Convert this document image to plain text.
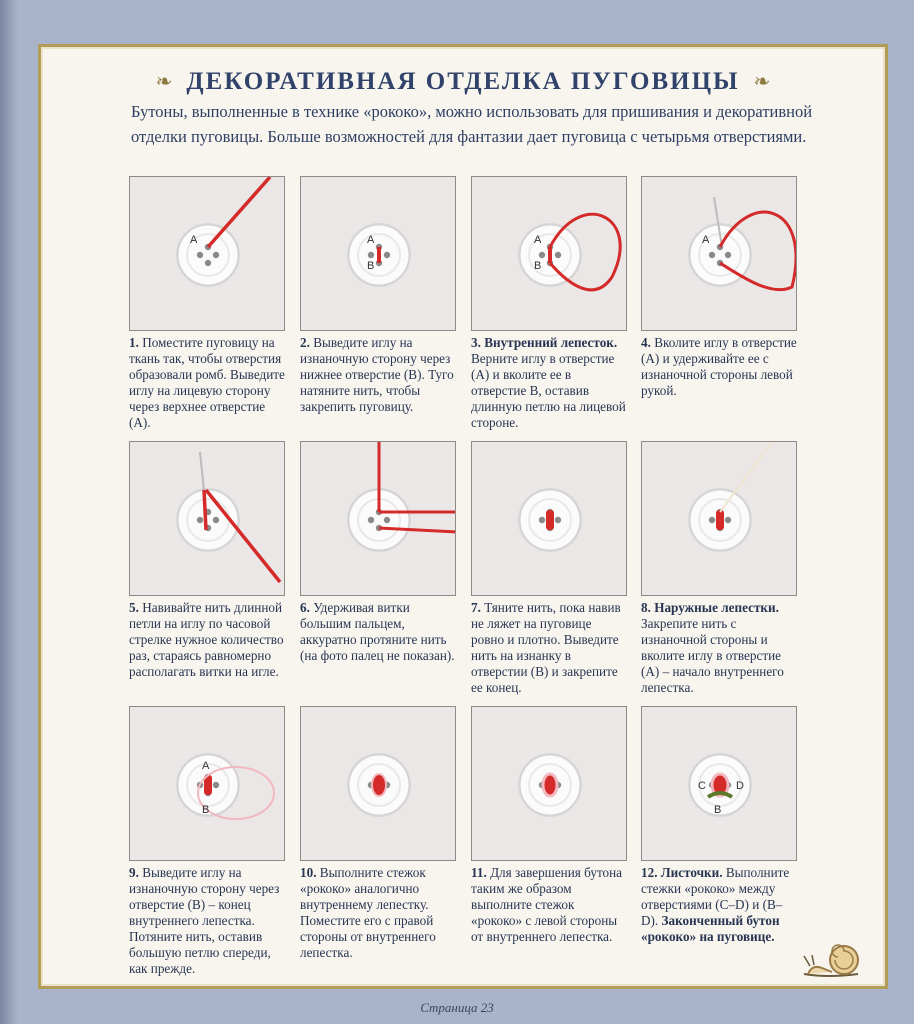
❧ ДЕКОРАТИВНАЯ ОТДЕЛКА ПУГОВИЦЫ ❧
Бутоны, выполненные в технике «рококо», можно использовать для пришивания и декоративной отделки пуговицы. Больше возможностей для фантазии дает пуговица с четырьмя отверстиями.
A
1. Поместите пуговицу на ткань так, чтобы отверстия образовали ромб. Выведите иглу на лицевую сторону через верхнее отверстие (А).
A
B
2. Выведите иглу на изнаночную сторону через нижнее отверстие (В). Туго натяните нить, чтобы закрепить пуговицу.
A
B
3. Внутренний лепесток. Верните иглу в отверстие (А) и вколите ее в отверстие В, оставив длинную петлю на лицевой стороне.
A
4. Вколите иглу в отверстие (А) и удерживайте ее с изнаночной стороны левой рукой.
5. Навивайте нить длинной петли на иглу по часовой стрелке нужное количество раз, стараясь равномерно располагать витки на игле.
6. Удерживая витки большим пальцем, аккуратно протяните нить (на фото палец не показан).
7. Тяните нить, пока навив не ляжет на пуговице ровно и плотно. Выведите нить на изнанку в отверстии (В) и закрепите ее конец.
8. Наружные лепестки. Закрепите нить с изнаночной стороны и вколите иглу в отверстие (А) – начало внутреннего лепестка.
A
B
9. Выведите иглу на изнаночную сторону через отверстие (В) – конец внутреннего лепестка. Потяните нить, оставив большую петлю спереди, как прежде.
10. Выполните стежок «рококо» аналогично внутреннему лепестку. Поместите его с правой стороны от внутреннего лепестка.
11. Для завершения бутона таким же образом выполните стежок «рококо» с левой стороны от внутреннего лепестка.
C	D
B
12. Листочки. Выполните стежки «рококо» между отверстиями (С–D) и (В–D). Законченный бутон «рококо» на пуговице.
Страница 23
